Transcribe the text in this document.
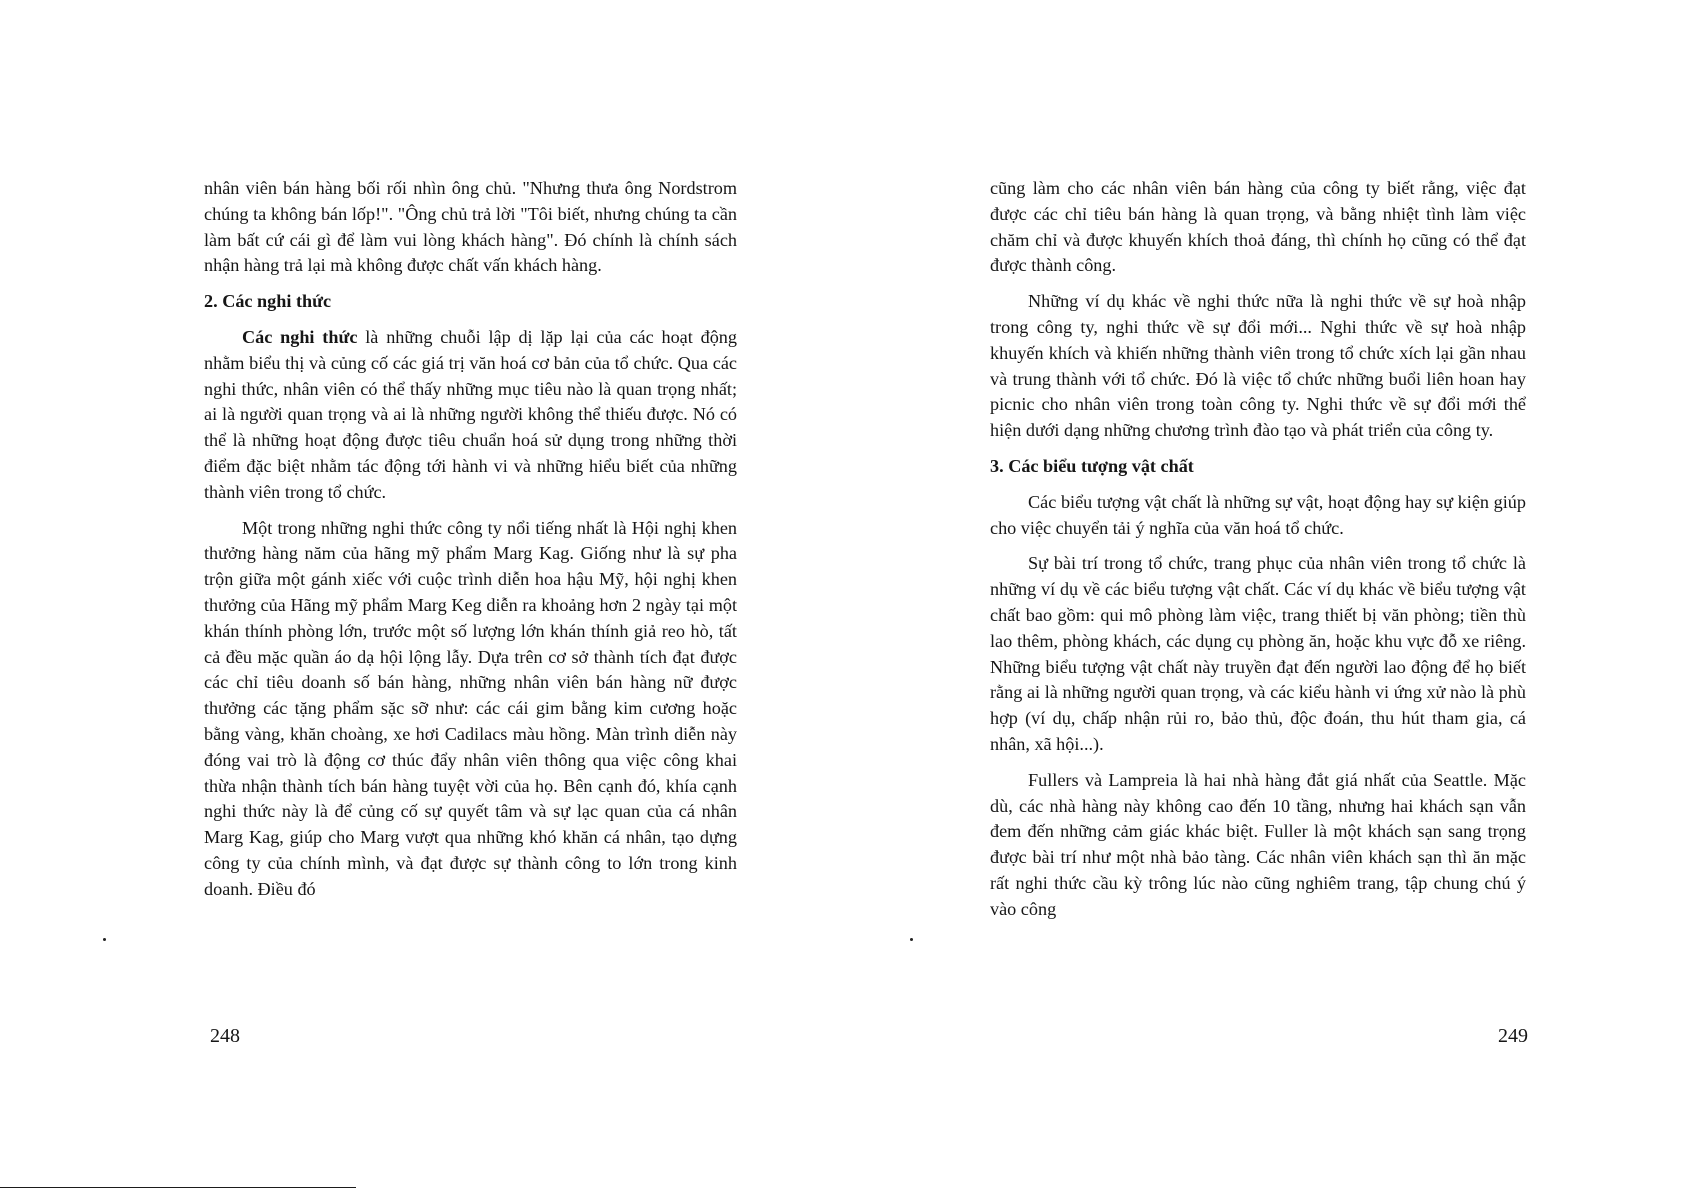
nhân viên bán hàng bối rối nhìn ông chủ. "Nhưng thưa ông Nordstrom chúng ta không bán lốp!". "Ông chủ trả lời "Tôi biết, nhưng chúng ta cần làm bất cứ cái gì để làm vui lòng khách hàng". Đó chính là chính sách nhận hàng trả lại mà không được chất vấn khách hàng.

2. Các nghi thức

Các nghi thức là những chuỗi lập dị lặp lại của các hoạt động nhằm biểu thị và củng cố các giá trị văn hoá cơ bản của tổ chức. Qua các nghi thức, nhân viên có thể thấy những mục tiêu nào là quan trọng nhất; ai là người quan trọng và ai là những người không thể thiếu được. Nó có thể là những hoạt động được tiêu chuẩn hoá sử dụng trong những thời điểm đặc biệt nhằm tác động tới hành vi và những hiểu biết của những thành viên trong tổ chức.

Một trong những nghi thức công ty nổi tiếng nhất là Hội nghị khen thưởng hàng năm của hãng mỹ phẩm Marg Kag. Giống như là sự pha trộn giữa một gánh xiếc với cuộc trình diễn hoa hậu Mỹ, hội nghị khen thưởng của Hãng mỹ phẩm Marg Keg diễn ra khoảng hơn 2 ngày tại một khán thính phòng lớn, trước một số lượng lớn khán thính giả reo hò, tất cả đều mặc quần áo dạ hội lộng lẫy. Dựa trên cơ sở thành tích đạt được các chỉ tiêu doanh số bán hàng, những nhân viên bán hàng nữ được thưởng các tặng phẩm sặc sỡ như: các cái gim bằng kim cương hoặc bằng vàng, khăn choàng, xe hơi Cadilacs màu hồng. Màn trình diễn này đóng vai trò là động cơ thúc đẩy nhân viên thông qua việc công khai thừa nhận thành tích bán hàng tuyệt vời của họ. Bên cạnh đó, khía cạnh nghi thức này là để củng cố sự quyết tâm và sự lạc quan của cá nhân Marg Kag, giúp cho Marg vượt qua những khó khăn cá nhân, tạo dựng công ty của chính mình, và đạt được sự thành công to lớn trong kinh doanh. Điều đó

248

cũng làm cho các nhân viên bán hàng của công ty biết rằng, việc đạt được các chỉ tiêu bán hàng là quan trọng, và bằng nhiệt tình làm việc chăm chỉ và được khuyến khích thoả đáng, thì chính họ cũng có thể đạt được thành công.

Những ví dụ khác về nghi thức nữa là nghi thức về sự hoà nhập trong công ty, nghi thức về sự đổi mới... Nghi thức về sự hoà nhập khuyến khích và khiến những thành viên trong tổ chức xích lại gần nhau và trung thành với tổ chức. Đó là việc tổ chức những buổi liên hoan hay picnic cho nhân viên trong toàn công ty. Nghi thức về sự đổi mới thể hiện dưới dạng những chương trình đào tạo và phát triển của công ty.

3. Các biểu tượng vật chất

Các biểu tượng vật chất là những sự vật, hoạt động hay sự kiện giúp cho việc chuyển tải ý nghĩa của văn hoá tổ chức.

Sự bài trí trong tổ chức, trang phục của nhân viên trong tổ chức là những ví dụ về các biểu tượng vật chất. Các ví dụ khác về biểu tượng vật chất bao gồm: qui mô phòng làm việc, trang thiết bị văn phòng; tiền thù lao thêm, phòng khách, các dụng cụ phòng ăn, hoặc khu vực đỗ xe riêng. Những biểu tượng vật chất này truyền đạt đến người lao động để họ biết rằng ai là những người quan trọng, và các kiểu hành vi ứng xử nào là phù hợp (ví dụ, chấp nhận rủi ro, bảo thủ, độc đoán, thu hút tham gia, cá nhân, xã hội...).

Fullers và Lampreia là hai nhà hàng đắt giá nhất của Seattle. Mặc dù, các nhà hàng này không cao đến 10 tầng, nhưng hai khách sạn vẫn đem đến những cảm giác khác biệt. Fuller là một khách sạn sang trọng được bài trí như một nhà bảo tàng. Các nhân viên khách sạn thì ăn mặc rất nghi thức cầu kỳ trông lúc nào cũng nghiêm trang, tập chung chú ý vào công

249
